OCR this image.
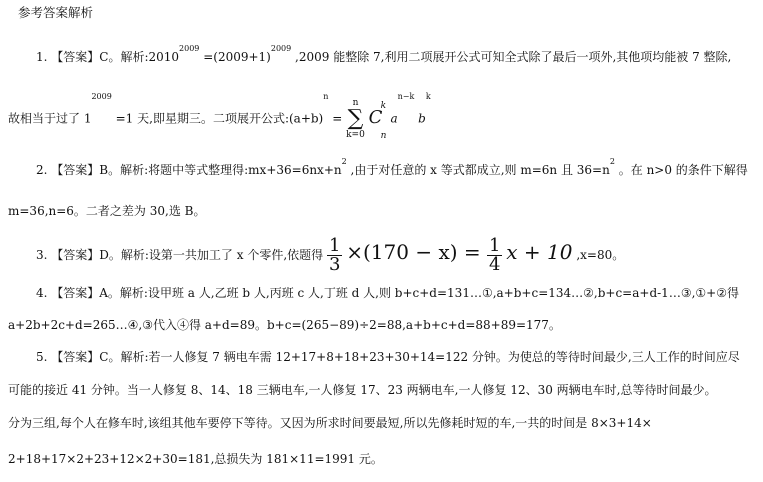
参考答案解析
1. 【答案】C。解析$:2010^{2009} =(2009+1)^{2009}$ ,2009 能整除 7,利用二项展开公式可知全式除了最后一项外,其他项均能被 7 整除,
故相当于过了 $1^{2009} =1$ 天,即星期三。二项展开公式$:(a+b)^n$ =
n
∑
k=0
C
k
n
$a^{n-k}$ $b^k$
2. 【答案】B。解析:将题中等式整理得$:mx+36=6nx+n^2$ ,由于对任意的 x 等式都成立,则 m=6n 且 $36=n^2$ 。在 n>0 的条件下解得
m=36,n=6。二者之差为 30,选 B。
3. 【答案】D。解析:设第一共加工了 x 个零件,依题得 $\frac{1}{3} \times(170 - x) = \frac{1}{4}$ x + 10 ,x=80。
4. 【答案】A。解析:设甲班 a 人,乙班 b 人,丙班 c 人,丁班 d 人,则 b+c+d=131…①,a+b+c=134…②,b+c=a+d-1…③,①+②得
a+2b+2c+d=265…④,③代入④得 a+d=89。b+c=(265−89)÷2=88,a+b+c+d=88+89=177。
5. 【答案】C。解析:若一人修复 7 辆电车需 12+17+8+18+23+30+14=122 分钟。为使总的等待时间最少,三人工作的时间应尽
可能的接近 41 分钟。当一人修复 8、14、18 三辆电车,一人修复 17、23 两辆电车,一人修复 12、30 两辆电车时,总等待时间最少。
分为三组,每个人在修车时,该组其他车要停下等待。又因为所求时间要最短,所以先修耗时短的车,一共的时间是 8×3+14×
2+18+17×2+23+12×2+30=181,总损失为 181×11=1991 元。
